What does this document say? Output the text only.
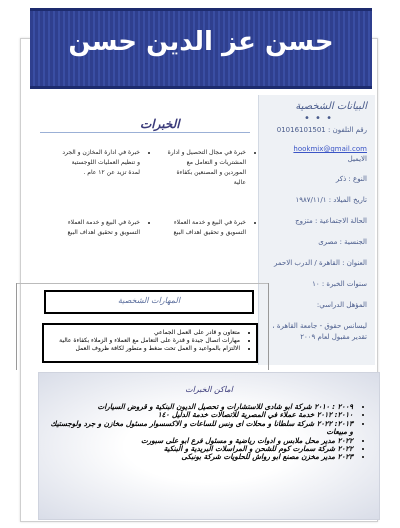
حسن عز الدين حسن
البيانات الشخصية
• • •
رقم التلفون : 01016101501
hookmix@gmail.com
الايميل
النوع : ذكر
تاريخ الميلاد : ١٩٨٧/١١/١
الحالة الاجتماعية : متزوج
الجنسية : مصرى
العنوان : القاهرة / الدرب الاحمر
سنوات الخبرة : ١٠
المؤهل الدراسي:
ليسانس حقوق - جامعة القاهرة ،
تقدير مقبول لعام ٢٠٠٩
الخبرات
• خبرة في مجال التحصيل و ادارة
المشتريات و التعامل مع
الموردين و المصنعين بكفاءة
عالية
• خبرة في البيع و خدمة العملاء
التسويق و تحقيق اهداف البيع
• خبرة في ادارة المخازن و الجرد
و تنظيم العمليات اللوجستية
لمدة تزيد عن ١٢ عام .
• خبرة في البيع و خدمة العملاء
التسويق و تحقيق اهداف البيع
المهارات الشخصية
• متعاون و قادر على العمل الجماعي
• مهارات اتصال جيدة و قدرة على التعامل مع العملاء و الزملاء بكفاءة عالية
• الالتزام بالمواعيد و العمل تحت ضغط و متطور لكافة ظروف العمل
اماكن الخبرات
• ٢٠٠٩ : ٢٠١٠ شركة ابو شادى للاستشارات و تحصيل الديون البنكية و قروض السيارات
• ٢٠١٠: ٢٠١٢ خدمة عملاء في المصرية للاتصالات خدمة الدليل ١٤٠
• ٢٠١٣: ٢٠٢٢ شركة سلطانا و محلات اى ونس للساعات و الاكسسوار مسئول مخازن و جرد ولوجستيك و مبيعات
• ٢٠٢٢ مدير محل ملابس و ادوات رياضية و مسئول فرع ابو على سبورت
• ٢٠٢٢ شركة سمارت كوم للشحن و المراسلات البريدية و البنكية
• ٢٠٢٣ مدير مخزن مصنع ابو رواش للحلويات شركة بونبكى
